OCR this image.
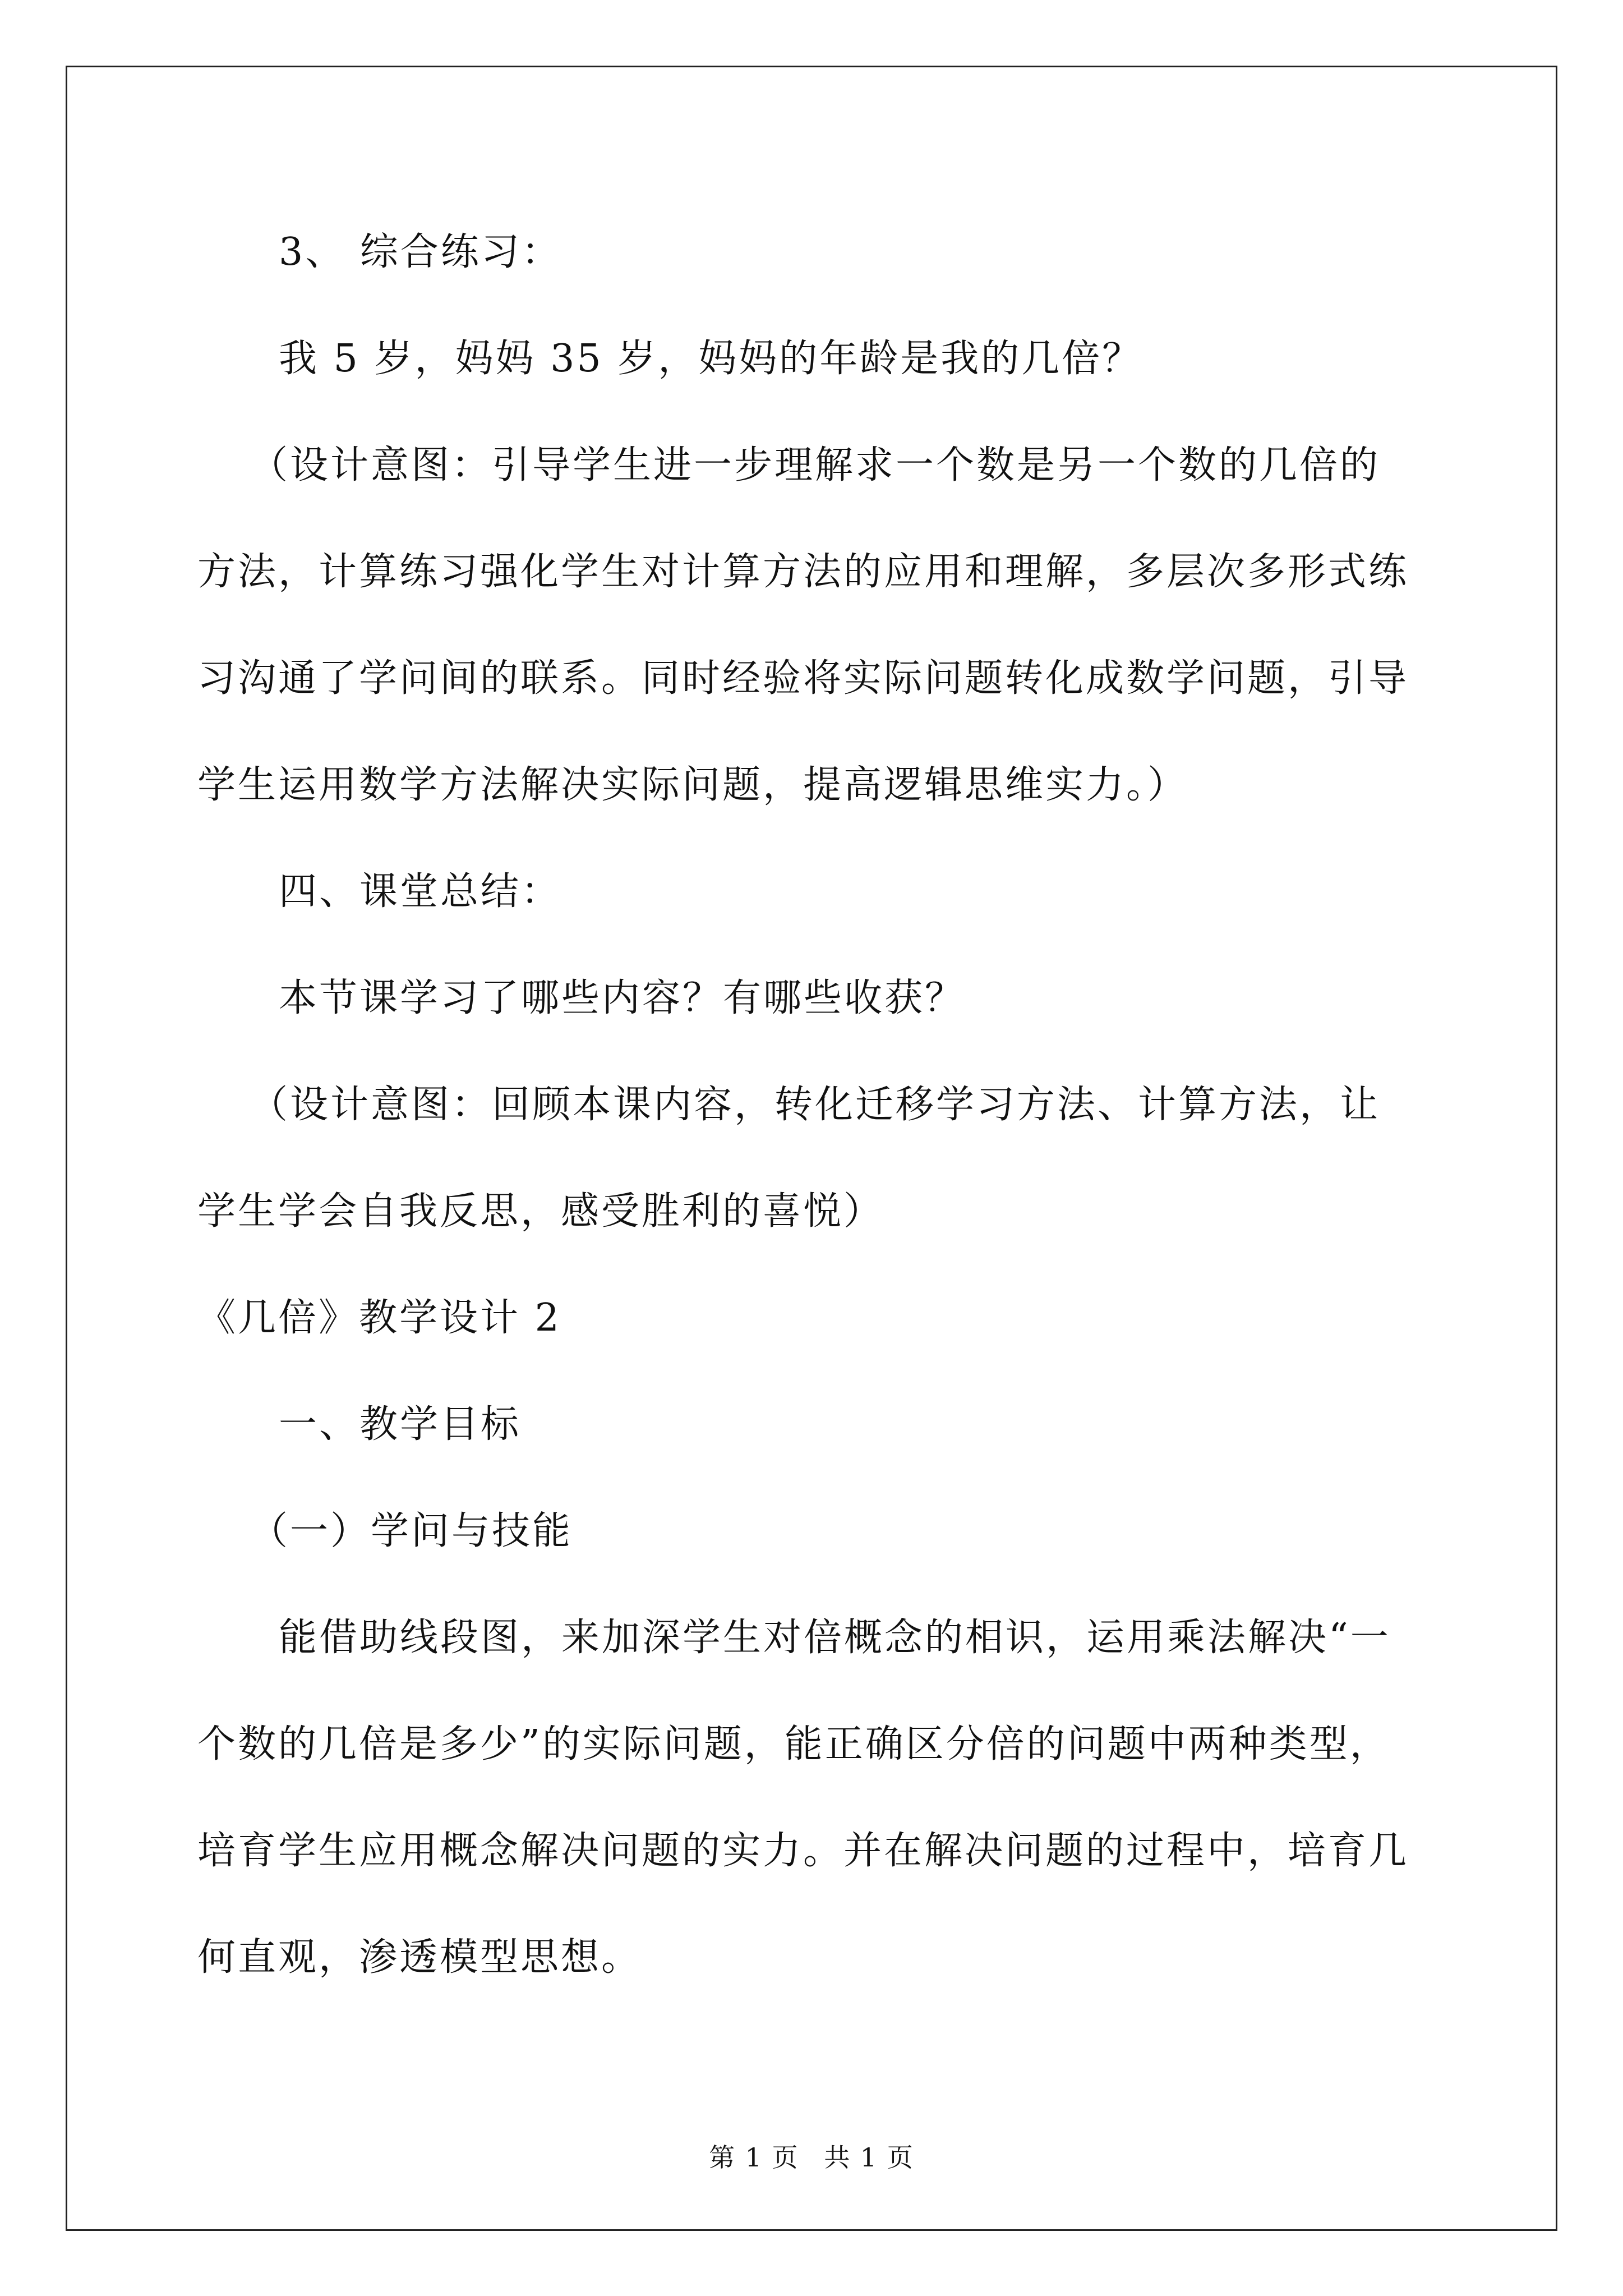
3、 综合练习：

我 5 岁，妈妈 35 岁，妈妈的年龄是我的几倍？

（设计意图：引导学生进一步理解求一个数是另一个数的几倍的

方法，计算练习强化学生对计算方法的应用和理解，多层次多形式练

习沟通了学问间的联系。同时经验将实际问题转化成数学问题，引导

学生运用数学方法解决实际问题，提高逻辑思维实力。）

四、课堂总结：

本节课学习了哪些内容？有哪些收获？

（设计意图：回顾本课内容，转化迁移学习方法、计算方法，让

学生学会自我反思，感受胜利的喜悦）

《几倍》教学设计 2

一、教学目标

（一）学问与技能

能借助线段图，来加深学生对倍概念的相识，运用乘法解决“一

个数的几倍是多少”的实际问题，能正确区分倍的问题中两种类型，

培育学生应用概念解决问题的实力。并在解决问题的过程中，培育几

何直观，渗透模型思想。

第 1 页 共 1 页
